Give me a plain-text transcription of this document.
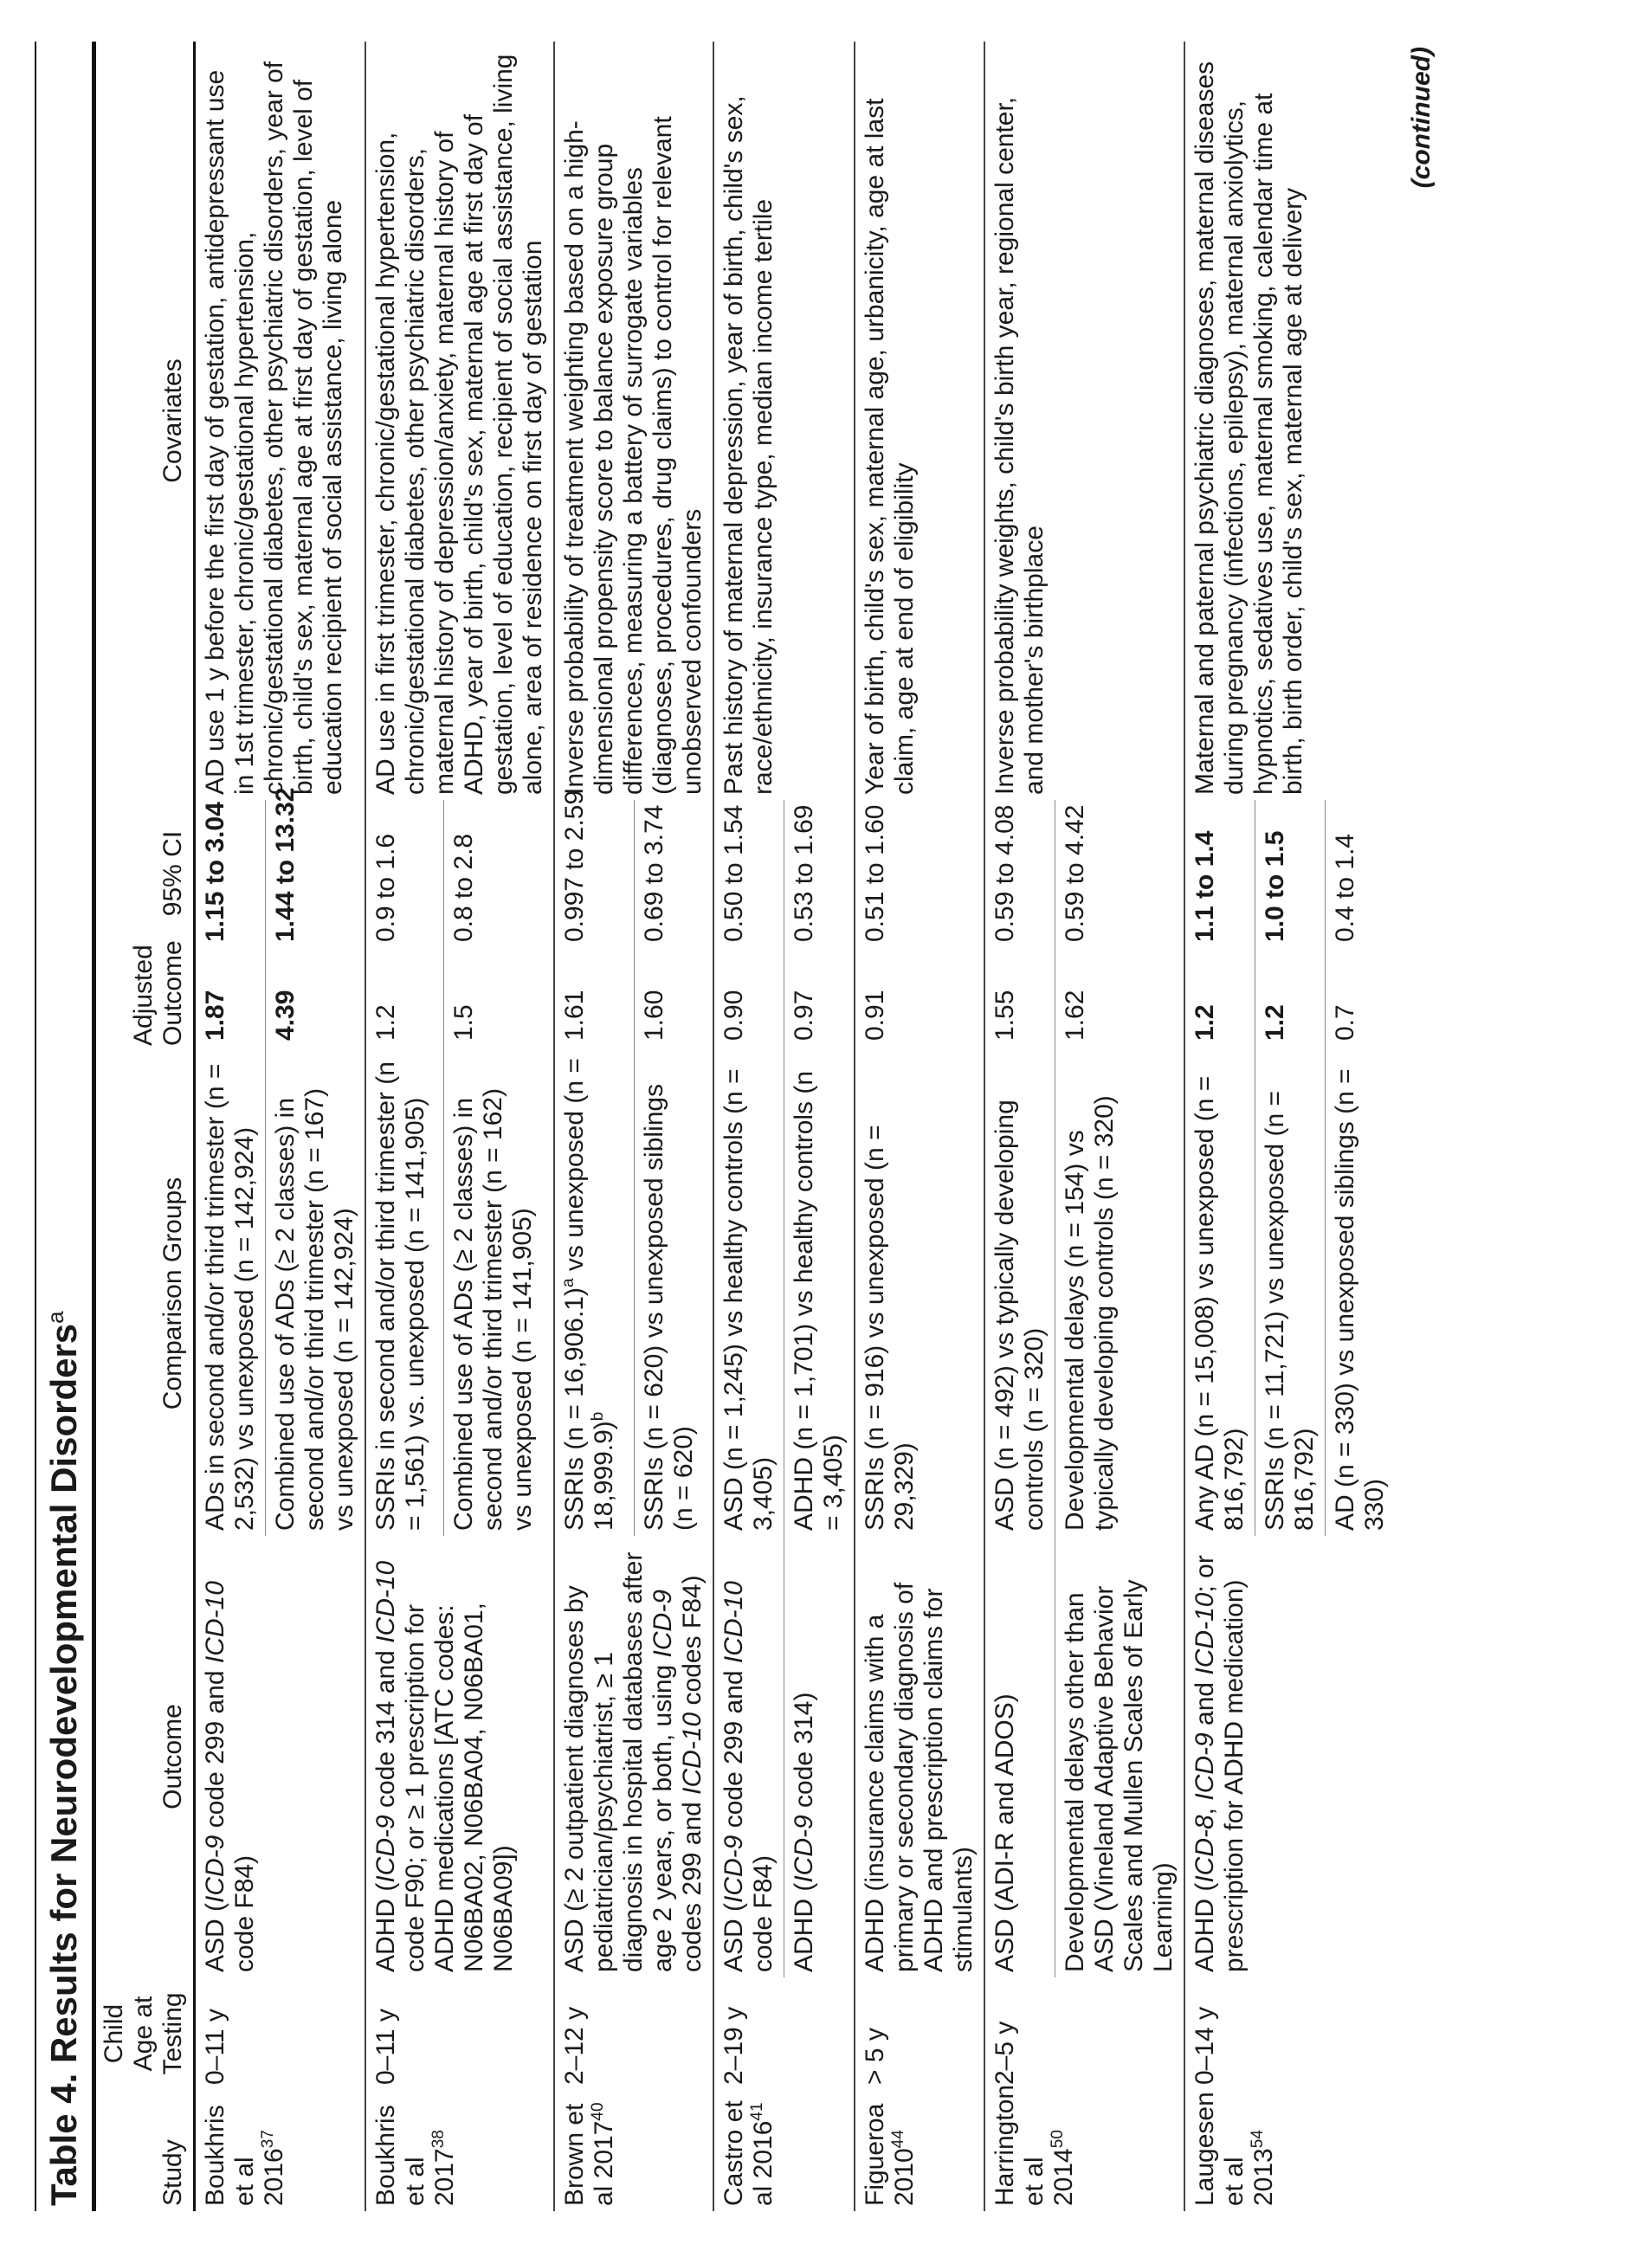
Table 4. Results for Neurodevelopmental Disorders$^a$
Study	Child Age at Testing	Outcome	Comparison Groups	Adjusted Outcome	95% CI	Covariates
Boukhris et al 2016$^{37}$	0–11 y	ASD (ICD-9 code 299 and ICD-10 code F84)	ADs in second and/or third trimester (n = 2,532) vs unexposed (n = 142,924)	1.87	1.15 to 3.04	AD use 1 y before the first day of gestation, antidepressant use in 1st trimester, chronic/gestational hypertension, chronic/gestational diabetes, other psychiatric disorders, year of birth, child's sex, maternal age at first day of gestation, level of education recipient of social assistance, living alone
			Combined use of ADs (≥ 2 classes) in second and/or third trimester (n = 167) vs unexposed (n = 142,924)	4.39	1.44 to 13.32	
Boukhris et al 2017$^{38}$	0–11 y	ADHD (ICD-9 code 314 and ICD-10 code F90; or ≥ 1 prescription for ADHD medications [ATC codes: N06BA02, N06BA04, N06BA01, N06BA09])	SSRIs in second and/or third trimester (n = 1,561) vs. unexposed (n = 141,905)	1.2	0.9 to 1.6	AD use in first trimester, chronic/gestational hypertension, chronic/gestational diabetes, other psychiatric disorders, maternal history of depression/anxiety, maternal history of ADHD, year of birth, child's sex, maternal age at first day of gestation, level of education, recipient of social assistance, living alone, area of residence on first day of gestation
			Combined use of ADs (≥ 2 classes) in second and/or third trimester (n = 162) vs unexposed (n = 141,905)	1.5	0.8 to 2.8	
Brown et al 2017$^{40}$	2–12 y	ASD (≥ 2 outpatient diagnoses by pediatrician/psychiatrist, ≥ 1 diagnosis in hospital databases after age 2 years, or both, using ICD-9 codes 299 and ICD-10 codes F84)	SSRIs (n = 16,906.1)$^a$ vs unexposed (n = 18,999.9)$^b$	1.61	0.997 to 2.59	Inverse probability of treatment weighting based on a high-dimensional propensity score to balance exposure group differences, measuring a battery of surrogate variables (diagnoses, procedures, drug claims) to control for relevant unobserved confounders
			SSRIs (n = 620) vs unexposed siblings (n = 620)	1.60	0.69 to 3.74	
Castro et al 2016$^{41}$	2–19 y	ASD (ICD-9 code 299 and ICD-10 code F84)	ASD (n = 1,245) vs healthy controls (n = 3,405)	0.90	0.50 to 1.54	Past history of maternal depression, year of birth, child's sex, race/ethnicity, insurance type, median income tertile
		ADHD (ICD-9 code 314)	ADHD (n = 1,701) vs healthy controls (n = 3,405)	0.97	0.53 to 1.69	
Figueroa $2010^{44}$	> 5 y	ADHD (insurance claims with a primary or secondary diagnosis of ADHD and prescription claims for stimulants)	SSRIs (n = 916) vs unexposed (n = 29,329)	0.91	0.51 to 1.60	Year of birth, child's sex, maternal age, urbanicity, age at last claim, age at end of eligibility
Harrington et al 2014$^{50}$	2–5 y	ASD (ADI-R and ADOS)	ASD (n = 492) vs typically developing controls (n = 320)	1.55	0.59 to 4.08	Inverse probability weights, child's birth year, regional center, and mother's birthplace
		Developmental delays other than ASD (Vineland Adaptive Behavior Scales and Mullen Scales of Early Learning)	Developmental delays (n = 154) vs typically developing controls (n = 320)	1.62	0.59 to 4.42	
Laugesen et al 2013$^{54}$	0–14 y	ADHD (ICD-8, ICD-9 and ICD-10; or prescription for ADHD medication)	Any AD (n = 15,008) vs unexposed (n = 816,792)	1.2	1.1 to 1.4	Maternal and paternal psychiatric diagnoses, maternal diseases during pregnancy (infections, epilepsy), maternal anxiolytics, hypnotics, sedatives use, maternal smoking, calendar time at birth, birth order, child's sex, maternal age at delivery
			SSRIs (n = 11,721) vs unexposed (n = 816,792)	1.2	1.0 to 1.5	
			AD (n = 330) vs unexposed siblings (n = 330)	0.7	0.4 to 1.4	
(continued)
